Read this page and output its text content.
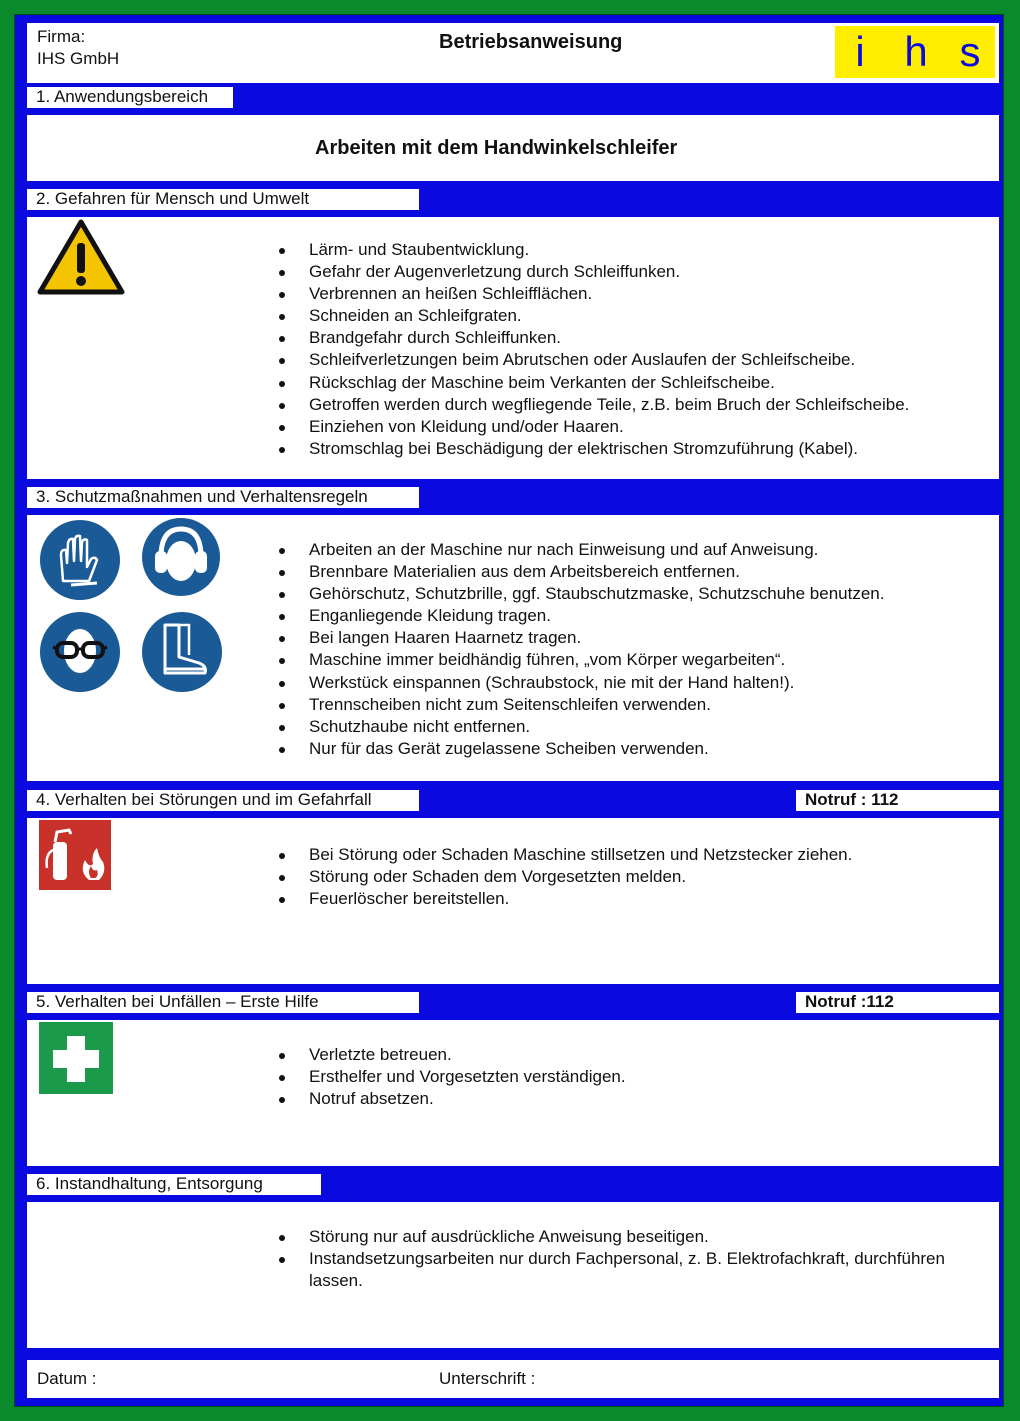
Firma:
IHS GmbH
Betriebsanweisung	i h s
1. Anwendungsbereich
Arbeiten mit dem Handwinkelschleifer
2. Gefahren für Mensch und Umwelt
Lärm- und Staubentwicklung.
Gefahr der Augenverletzung durch Schleiffunken.
Verbrennen an heißen Schleifflächen.
Schneiden an Schleifgraten.
Brandgefahr durch Schleiffunken.
Schleifverletzungen beim Abrutschen oder Auslaufen der Schleifscheibe.
Rückschlag der Maschine beim Verkanten der Schleifscheibe.
Getroffen werden durch wegfliegende Teile, z.B. beim Bruch der Schleifscheibe.
Einziehen von Kleidung und/oder Haaren.
Stromschlag bei Beschädigung der elektrischen Stromzuführung (Kabel).
3. Schutzmaßnahmen und Verhaltensregeln
Arbeiten an der Maschine nur nach Einweisung und auf Anweisung.
Brennbare Materialien aus dem Arbeitsbereich entfernen.
Gehörschutz, Schutzbrille, ggf. Staubschutzmaske, Schutzschuhe benutzen.
Enganliegende Kleidung tragen.
Bei langen Haaren Haarnetz tragen.
Maschine immer beidhändig führen, „vom Körper wegarbeiten“.
Werkstück einspannen (Schraubstock, nie mit der Hand halten!).
Trennscheiben nicht zum Seitenschleifen verwenden.
Schutzhaube nicht entfernen.
Nur für das Gerät zugelassene Scheiben verwenden.
4. Verhalten bei Störungen und im Gefahrfall	Notruf : 112
Bei Störung oder Schaden Maschine stillsetzen und Netzstecker ziehen.
Störung oder Schaden dem Vorgesetzten melden.
Feuerlöscher bereitstellen.
5. Verhalten bei Unfällen – Erste Hilfe	Notruf :112
Verletzte betreuen.
Ersthelfer und Vorgesetzten verständigen.
Notruf absetzen.
6. Instandhaltung, Entsorgung
Störung nur auf ausdrückliche Anweisung beseitigen.
Instandsetzungsarbeiten nur durch Fachpersonal, z. B. Elektrofachkraft, durchführen
lassen.
Datum :	Unterschrift :
